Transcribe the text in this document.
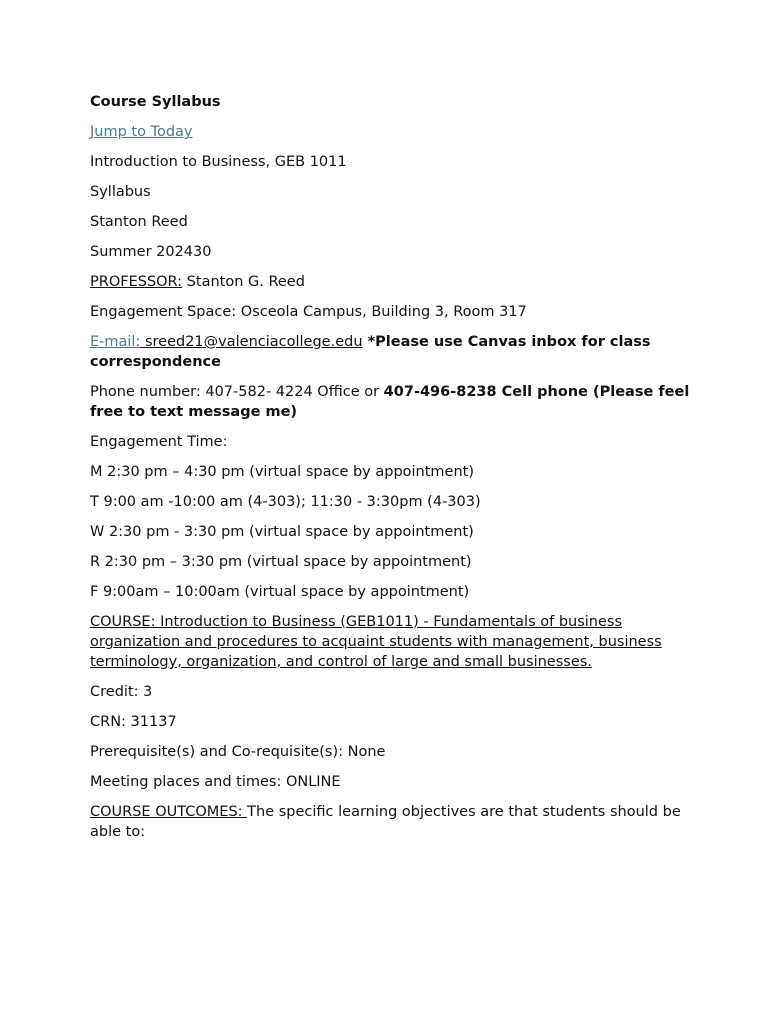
Course Syllabus

Jump to Today

Introduction to Business, GEB 1011

Syllabus

Stanton Reed

Summer 202430

PROFESSOR: Stanton G. Reed

Engagement Space: Osceola Campus, Building 3, Room 317

E-mail: sreed21@valenciacollege.edu *Please use Canvas inbox for class correspondence

Phone number: 407-582- 4224 Office or 407-496-8238 Cell phone (Please feel free to text message me)

Engagement Time:

M 2:30 pm – 4:30 pm (virtual space by appointment)

T 9:00 am -10:00 am (4-303); 11:30 - 3:30pm (4-303)

W 2:30 pm - 3:30 pm (virtual space by appointment)

R 2:30 pm – 3:30 pm (virtual space by appointment)

F 9:00am – 10:00am (virtual space by appointment)

COURSE: Introduction to Business (GEB1011) - Fundamentals of business organization and procedures to acquaint students with management, business terminology, organization, and control of large and small businesses.

Credit: 3

CRN: 31137

Prerequisite(s) and Co-requisite(s): None

Meeting places and times: ONLINE

COURSE OUTCOMES: The specific learning objectives are that students should be able to:
